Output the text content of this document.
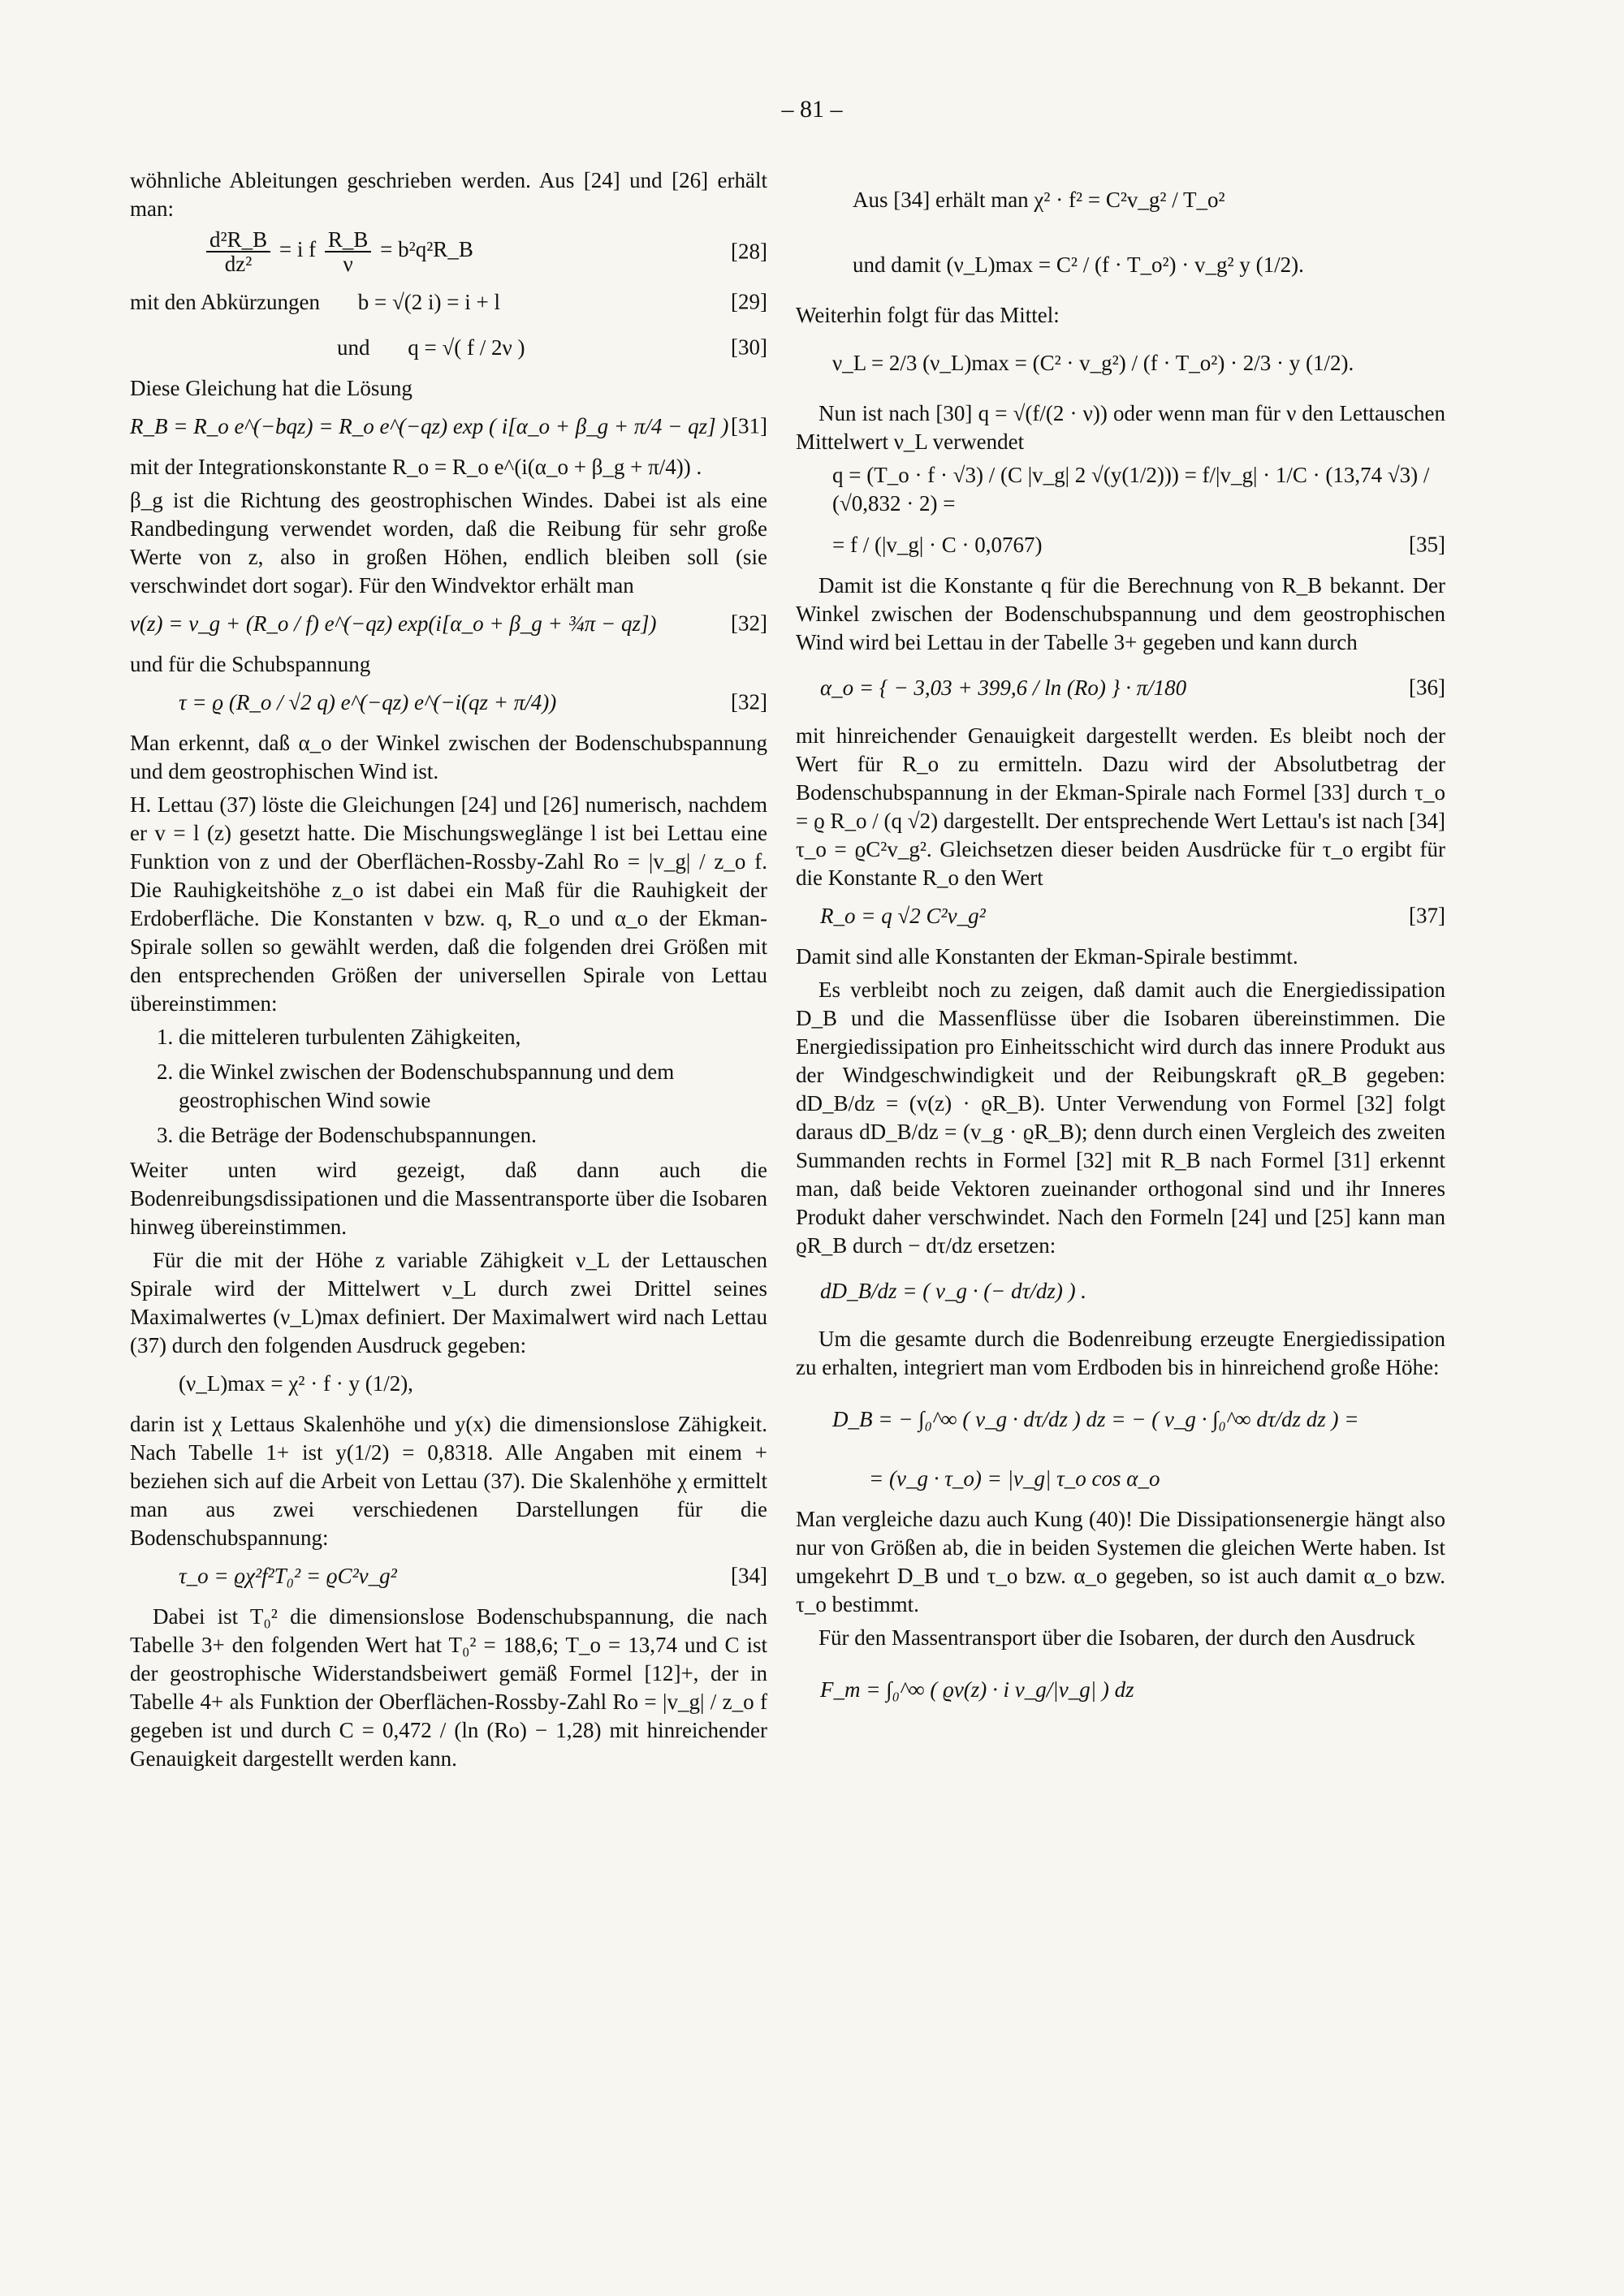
– 81 –

wöhnliche Ableitungen geschrieben werden. Aus [24] und [26] erhält man:

$\frac{\text{d²R\_B}}{\text{dz²}} = i$ f $\frac{R\_B}{\nu}$ = b²q²R_B	[28]
mit den Abkürzungen b = √(2 i) = i + l	[29]
und q = √( f / 2ν )	[30]

Diese Gleichung hat die Lösung

R_B = R_o e^(−bqz) = R_o e^(−qz) exp ( i[α_o + β_g + π/4 − qz] ) [31]

mit der Integrationskonstante R_o = R_o e^(i(α_o + β_g + π/4)) .

β_g ist die Richtung des geostrophischen Windes. Dabei ist als eine Randbedingung verwendet worden, daß die Reibung für sehr große Werte von z, also in großen Höhen, endlich bleiben soll (sie verschwindet dort sogar). Für den Windvektor erhält man

v(z) = v_g + (R_o / f) e^(−qz) exp(i[α_o + β_g + ¾π − qz])	[32]

und für die Schubspannung

τ = ϱ (R_o / √2 q) e^(−qz) e^(−i(qz + π/4))	[32]

Man erkennt, daß α_o der Winkel zwischen der Bodenschubspannung und dem geostrophischen Wind ist.

H. Lettau (37) löste die Gleichungen [24] und [26] numerisch, nachdem er v = l (z) gesetzt hatte. Die Mischungsweglänge l ist bei Lettau eine Funktion von z und der Oberflächen-Rossby-Zahl Ro = |v_g| / z_o f. Die Rauhigkeitshöhe z_o ist dabei ein Maß für die Rauhigkeit der Erdoberfläche. Die Konstanten ν bzw. q, R_o und α_o der Ekman-Spirale sollen so gewählt werden, daß die folgenden drei Größen mit den entsprechenden Größen der universellen Spirale von Lettau übereinstimmen:

1. die mitteleren turbulenten Zähigkeiten,
2. die Winkel zwischen der Bodenschubspannung und dem geostrophischen Wind sowie
3. die Beträge der Bodenschubspannungen.

Weiter unten wird gezeigt, daß dann auch die Bodenreibungsdissipationen und die Massentransporte über die Isobaren hinweg übereinstimmen.

Für die mit der Höhe z variable Zähigkeit ν_L der Lettauschen Spirale wird der Mittelwert ν_L durch zwei Drittel seines Maximalwertes (ν_L)max definiert. Der Maximalwert wird nach Lettau (37) durch den folgenden Ausdruck gegeben:

(ν_L)max = χ² · f · y (1/2),

darin ist χ Lettaus Skalenhöhe und y(x) die dimensionslose Zähigkeit. Nach Tabelle 1+ ist y(1/2) = 0,8318. Alle Angaben mit einem + beziehen sich auf die Arbeit von Lettau (37). Die Skalenhöhe χ ermittelt man aus zwei verschiedenen Darstellungen für die Bodenschubspannung:

τ_o = ϱχ²f²T₀² = ϱC²v_g²	[34]

Dabei ist T₀² die dimensionslose Bodenschubspannung, die nach Tabelle 3+ den folgenden Wert hat T₀² = 188,6; T_o = 13,74 und C ist der geostrophische Widerstandsbeiwert gemäß Formel [12]+, der in Tabelle 4+ als Funktion der Oberflächen-Rossby-Zahl Ro = |v_g| / z_o f gegeben ist und durch C = 0,472 / (ln (Ro) − 1,28) mit hinreichender Genauigkeit dargestellt werden kann.

Aus [34] erhält man χ² · f² = C²v_g² / T_o²
und damit (ν_L)max = C² / (f · T_o²) · v_g² y (1/2).

Weiterhin folgt für das Mittel:

ν_L = 2/3 (ν_L)max = (C² · v_g²) / (f · T_o²) · 2/3 · y (1/2).

Nun ist nach [30] q = √(f/(2 · ν)) oder wenn man für ν den Lettauschen Mittelwert ν_L verwendet

q = (T_o · f · √3) / (C |v_g| 2 √(y(1/2))) = f/|v_g| · 1/C · (13,74 √3) / (√0,832 · 2) =
= f / (|v_g| · C · 0,0767)	[35]

Damit ist die Konstante q für die Berechnung von R_B bekannt. Der Winkel zwischen der Bodenschubspannung und dem geostrophischen Wind wird bei Lettau in der Tabelle 3+ gegeben und kann durch

α_o = { − 3,03 + 399,6 / ln (Ro) } · π/180	[36]

mit hinreichender Genauigkeit dargestellt werden. Es bleibt noch der Wert für R_o zu ermitteln. Dazu wird der Absolutbetrag der Bodenschubspannung in der Ekman-Spirale nach Formel [33] durch τ_o = ϱ R_o / (q √2) dargestellt. Der entsprechende Wert Lettau's ist nach [34] τ_o = ϱC²v_g². Gleichsetzen dieser beiden Ausdrücke für τ_o ergibt für die Konstante R_o den Wert

R_o = q √2 C²v_g²	[37]

Damit sind alle Konstanten der Ekman-Spirale bestimmt.

Es verbleibt noch zu zeigen, daß damit auch die Energiedissipation D_B und die Massenflüsse über die Isobaren übereinstimmen. Die Energiedissipation pro Einheitsschicht wird durch das innere Produkt aus der Windgeschwindigkeit und der Reibungskraft ϱR_B gegeben: dD_B/dz = (v(z) · ϱR_B). Unter Verwendung von Formel [32] folgt daraus dD_B/dz = (v_g · ϱR_B); denn durch einen Vergleich des zweiten Summanden rechts in Formel [32] mit R_B nach Formel [31] erkennt man, daß beide Vektoren zueinander orthogonal sind und ihr Inneres Produkt daher verschwindet. Nach den Formeln [24] und [25] kann man ϱR_B durch − dτ/dz ersetzen:

dD_B/dz = ( v_g · (− dτ/dz) ) .

Um die gesamte durch die Bodenreibung erzeugte Energiedissipation zu erhalten, integriert man vom Erdboden bis in hinreichend große Höhe:

D_B = − ∫₀^∞ ( v_g · dτ/dz ) dz = − ( v_g · ∫₀^∞ dτ/dz dz ) =
= (v_g · τ_o) = |v_g| τ_o cos α_o

Man vergleiche dazu auch Kung (40)! Die Dissipationsenergie hängt also nur von Größen ab, die in beiden Systemen die gleichen Werte haben. Ist umgekehrt D_B und τ_o bzw. α_o gegeben, so ist auch damit α_o bzw. τ_o bestimmt.

Für den Massentransport über die Isobaren, der durch den Ausdruck

F_m = ∫₀^∞ ( ϱv(z) · i v_g/|v_g| ) dz
